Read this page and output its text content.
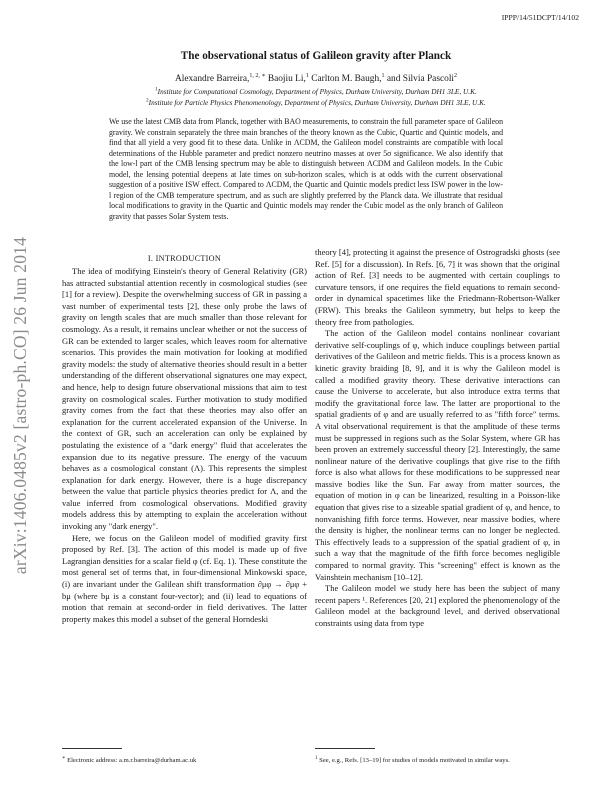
arXiv:1406.0485v2 [astro-ph.CO] 26 Jun 2014
IPPP/14/51DCPT/14/102
The observational status of Galileon gravity after Planck
Alexandre Barreira,$^{1, 2, ∗}$ Baojiu Li,$^1$ Carlton M. Baugh,$^1$ and Silvia Pascoli$^2$
$^1$Institute for Computational Cosmology, Department of Physics, Durham University, Durham DH1 3LE, U.K.
$^2$Institute for Particle Physics Phenomenology, Department of Physics, Durham University, Durham DH1 3LE, U.K.

We use the latest CMB data from Planck, together with BAO measurements, to constrain the full parameter space of Galileon gravity. We constrain separately the three main branches of the theory known as the Cubic, Quartic and Quintic models, and find that all yield a very good fit to these data. Unlike in ΛCDM, the Galileon model constraints are compatible with local determinations of the Hubble parameter and predict nonzero neutrino masses at over 5σ significance. We also identify that the low-l part of the CMB lensing spectrum may be able to distinguish between ΛCDM and Galileon models. In the Cubic model, the lensing potential deepens at late times on sub-horizon scales, which is at odds with the current observational suggestion of a positive ISW effect. Compared to ΛCDM, the Quartic and Quintic models predict less ISW power in the low-l region of the CMB temperature spectrum, and as such are slightly preferred by the Planck data. We illustrate that residual local modifications to gravity in the Quartic and Quintic models may render the Cubic model as the only branch of Galileon gravity that passes Solar System tests.

I. INTRODUCTION

The idea of modifying Einstein's theory of General Relativity (GR) has attracted substantial attention recently in cosmological studies (see [1] for a review). Despite the overwhelming success of GR in passing a vast number of experimental tests [2], these only probe the laws of gravity on length scales that are much smaller than those relevant for cosmology. As a result, it remains unclear whether or not the success of GR can be extended to larger scales, which leaves room for alternative scenarios. This provides the main motivation for looking at modified gravity models: the study of alternative theories should result in a better understanding of the different observational signatures one may expect, and hence, help to design future observational missions that aim to test gravity on cosmological scales. Further motivation to study modified gravity comes from the fact that these theories may also offer an explanation for the current accelerated expansion of the Universe. In the context of GR, such an acceleration can only be explained by postulating the existence of a "dark energy" fluid that accelerates the expansion due to its negative pressure. The energy of the vacuum behaves as a cosmological constant (Λ). This represents the simplest explanation for dark energy. However, there is a huge discrepancy between the value that particle physics theories predict for Λ, and the value inferred from cosmological observations. Modified gravity models address this by attempting to explain the acceleration without invoking any "dark energy".

Here, we focus on the Galileon model of modified gravity first proposed by Ref. [3]. The action of this model is made up of five Lagrangian densities for a scalar field φ (cf. Eq. 1). These constitute the most general set of terms that, in four-dimensional Minkowski space, (i) are invariant under the Galilean shift transformation ∂μφ → ∂μφ + bμ (where bμ is a constant four-vector); and (ii) lead to equations of motion that remain at second-order in field derivatives. The latter property makes this model a subset of the general Horndeski

theory [4], protecting it against the presence of Ostrogradski ghosts (see Ref. [5] for a discussion). In Refs. [6, 7] it was shown that the original action of Ref. [3] needs to be augmented with certain couplings to curvature tensors, if one requires the field equations to remain second-order in dynamical spacetimes like the Friedmann-Robertson-Walker (FRW). This breaks the Galileon symmetry, but helps to keep the theory free from pathologies.

The action of the Galileon model contains nonlinear covariant derivative self-couplings of φ, which induce couplings between partial derivatives of the Galileon and metric fields. This is a process known as kinetic gravity braiding [8, 9], and it is why the Galileon model is called a modified gravity theory. These derivative interactions can cause the Universe to accelerate, but also introduce extra terms that modify the gravitational force law. The latter are proportional to the spatial gradients of φ and are usually referred to as "fifth force" terms. A vital observational requirement is that the amplitude of these terms must be suppressed in regions such as the Solar System, where GR has been proven an extremely successful theory [2]. Interestingly, the same nonlinear nature of the derivative couplings that give rise to the fifth force is also what allows for these modifications to be suppressed near massive bodies like the Sun. Far away from matter sources, the equation of motion in φ can be linearized, resulting in a Poisson-like equation that gives rise to a sizeable spatial gradient of φ, and hence, to nonvanishing fifth force terms. However, near massive bodies, where the density is higher, the nonlinear terms can no longer be neglected. This effectively leads to a suppression of the spatial gradient of φ, in such a way that the magnitude of the fifth force becomes negligible compared to normal gravity. This "screening" effect is known as the Vainshtein mechanism [10–12].

The Galileon model we study here has been the subject of many recent papers ¹. References [20, 21] explored the phenomenology of the Galileon model at the background level, and derived observational constraints using data from type

∗ Electronic address: a.m.r.barreira@durham.ac.uk	$^1$ See, e.g., Refs. [13–19] for studies of models motivated in similar ways.
